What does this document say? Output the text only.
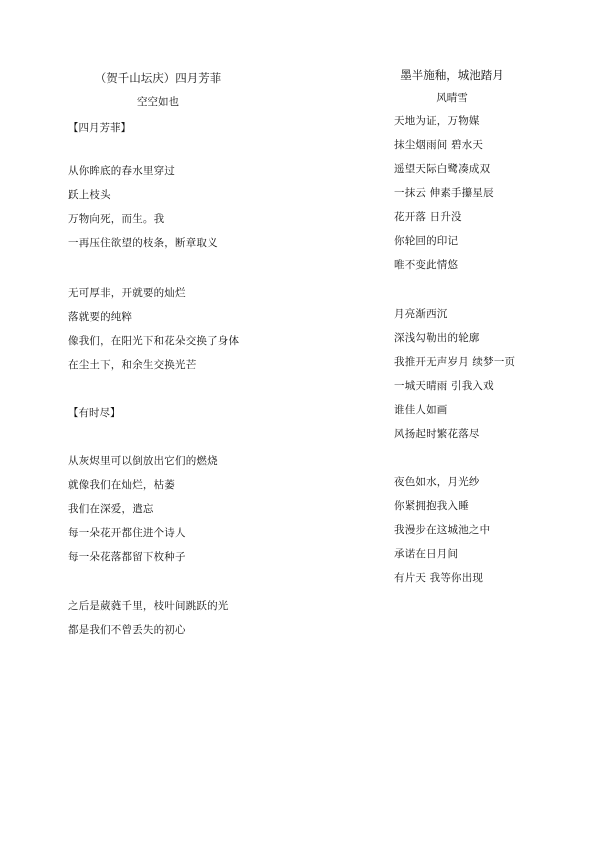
（贺千山坛庆）四月芳菲
空空如也
【四月芳菲】
从你眸底的春水里穿过
跃上枝头
万物向死，而生。我
一再压住欲望的枝条，断章取义
无可厚非，开就要的灿烂
落就要的纯粹
像我们，在阳光下和花朵交换了身体
在尘土下，和余生交换光芒
【有时尽】
从灰烬里可以倒放出它们的燃烧
就像我们在灿烂，枯萎
我们在深爱，遣忘
每一朵花开都住进个诗人
每一朵花落都留下枚种子
之后是葳蕤千里，枝叶间跳跃的光
都是我们不曾丢失的初心
墨半施釉，城池踏月
风晴雪
天地为证，万物媒
抹尘烟雨间 碧水天
遥望天际白鹭凑成双
一抹云 伸素手攥星辰
花开落 日升没
你轮回的印记
唯不变此情悠
月亮渐西沉
深浅勾勒出的轮廓
我推开无声岁月 续梦一页
一城天晴雨 引我入戏
谁佳人如画
风扬起时繁花落尽
夜色如水，月光纱
你紧拥抱我入睡
我漫步在这城池之中
承诺在日月间
有片天 我等你出现
